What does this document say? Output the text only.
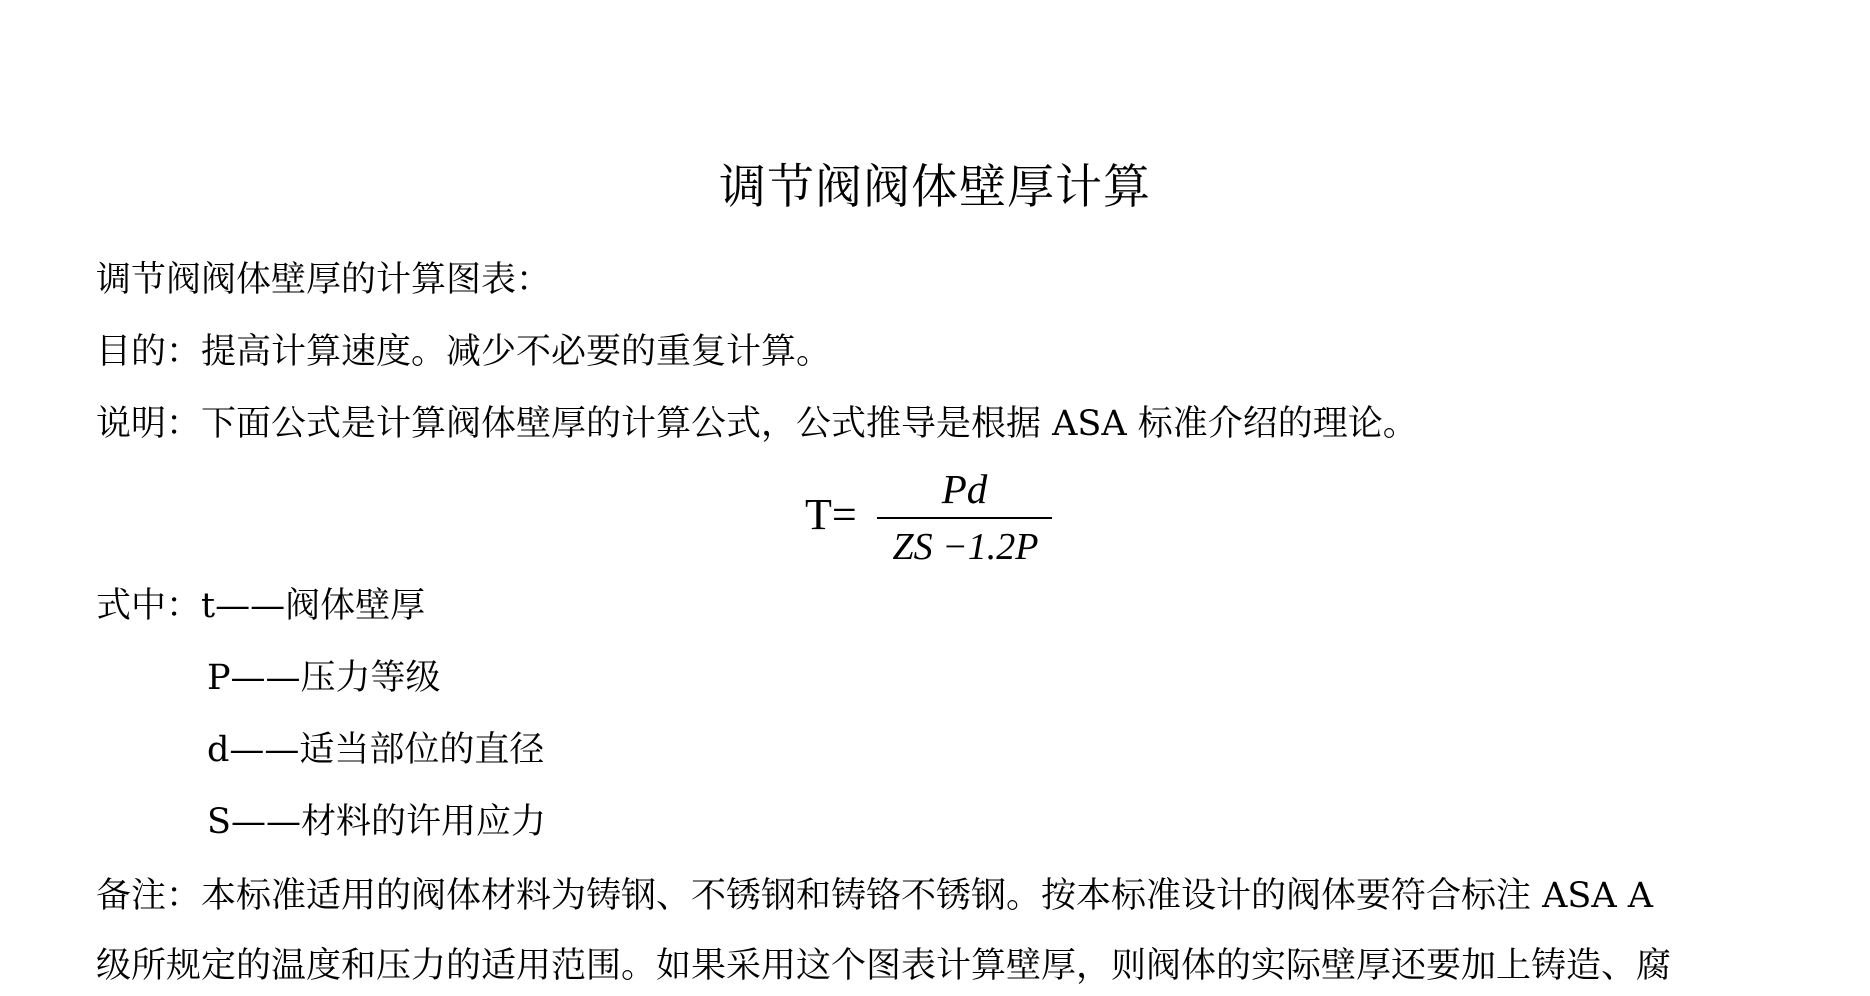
调节阀阀体壁厚计算
调节阀阀体壁厚的计算图表：
目的：提高计算速度。减少不必要的重复计算。
说明：下面公式是计算阀体壁厚的计算公式，公式推导是根据 ASA 标准介绍的理论。
T=
Pd
ZS −1.2P
式中：t——阀体壁厚
P——压力等级
d——适当部位的直径
S——材料的许用应力
备注：本标准适用的阀体材料为铸钢、不锈钢和铸铬不锈钢。按本标准设计的阀体要符合标注 ASA A
级所规定的温度和压力的适用范围。如果采用这个图表计算壁厚，则阀体的实际壁厚还要加上铸造、腐
